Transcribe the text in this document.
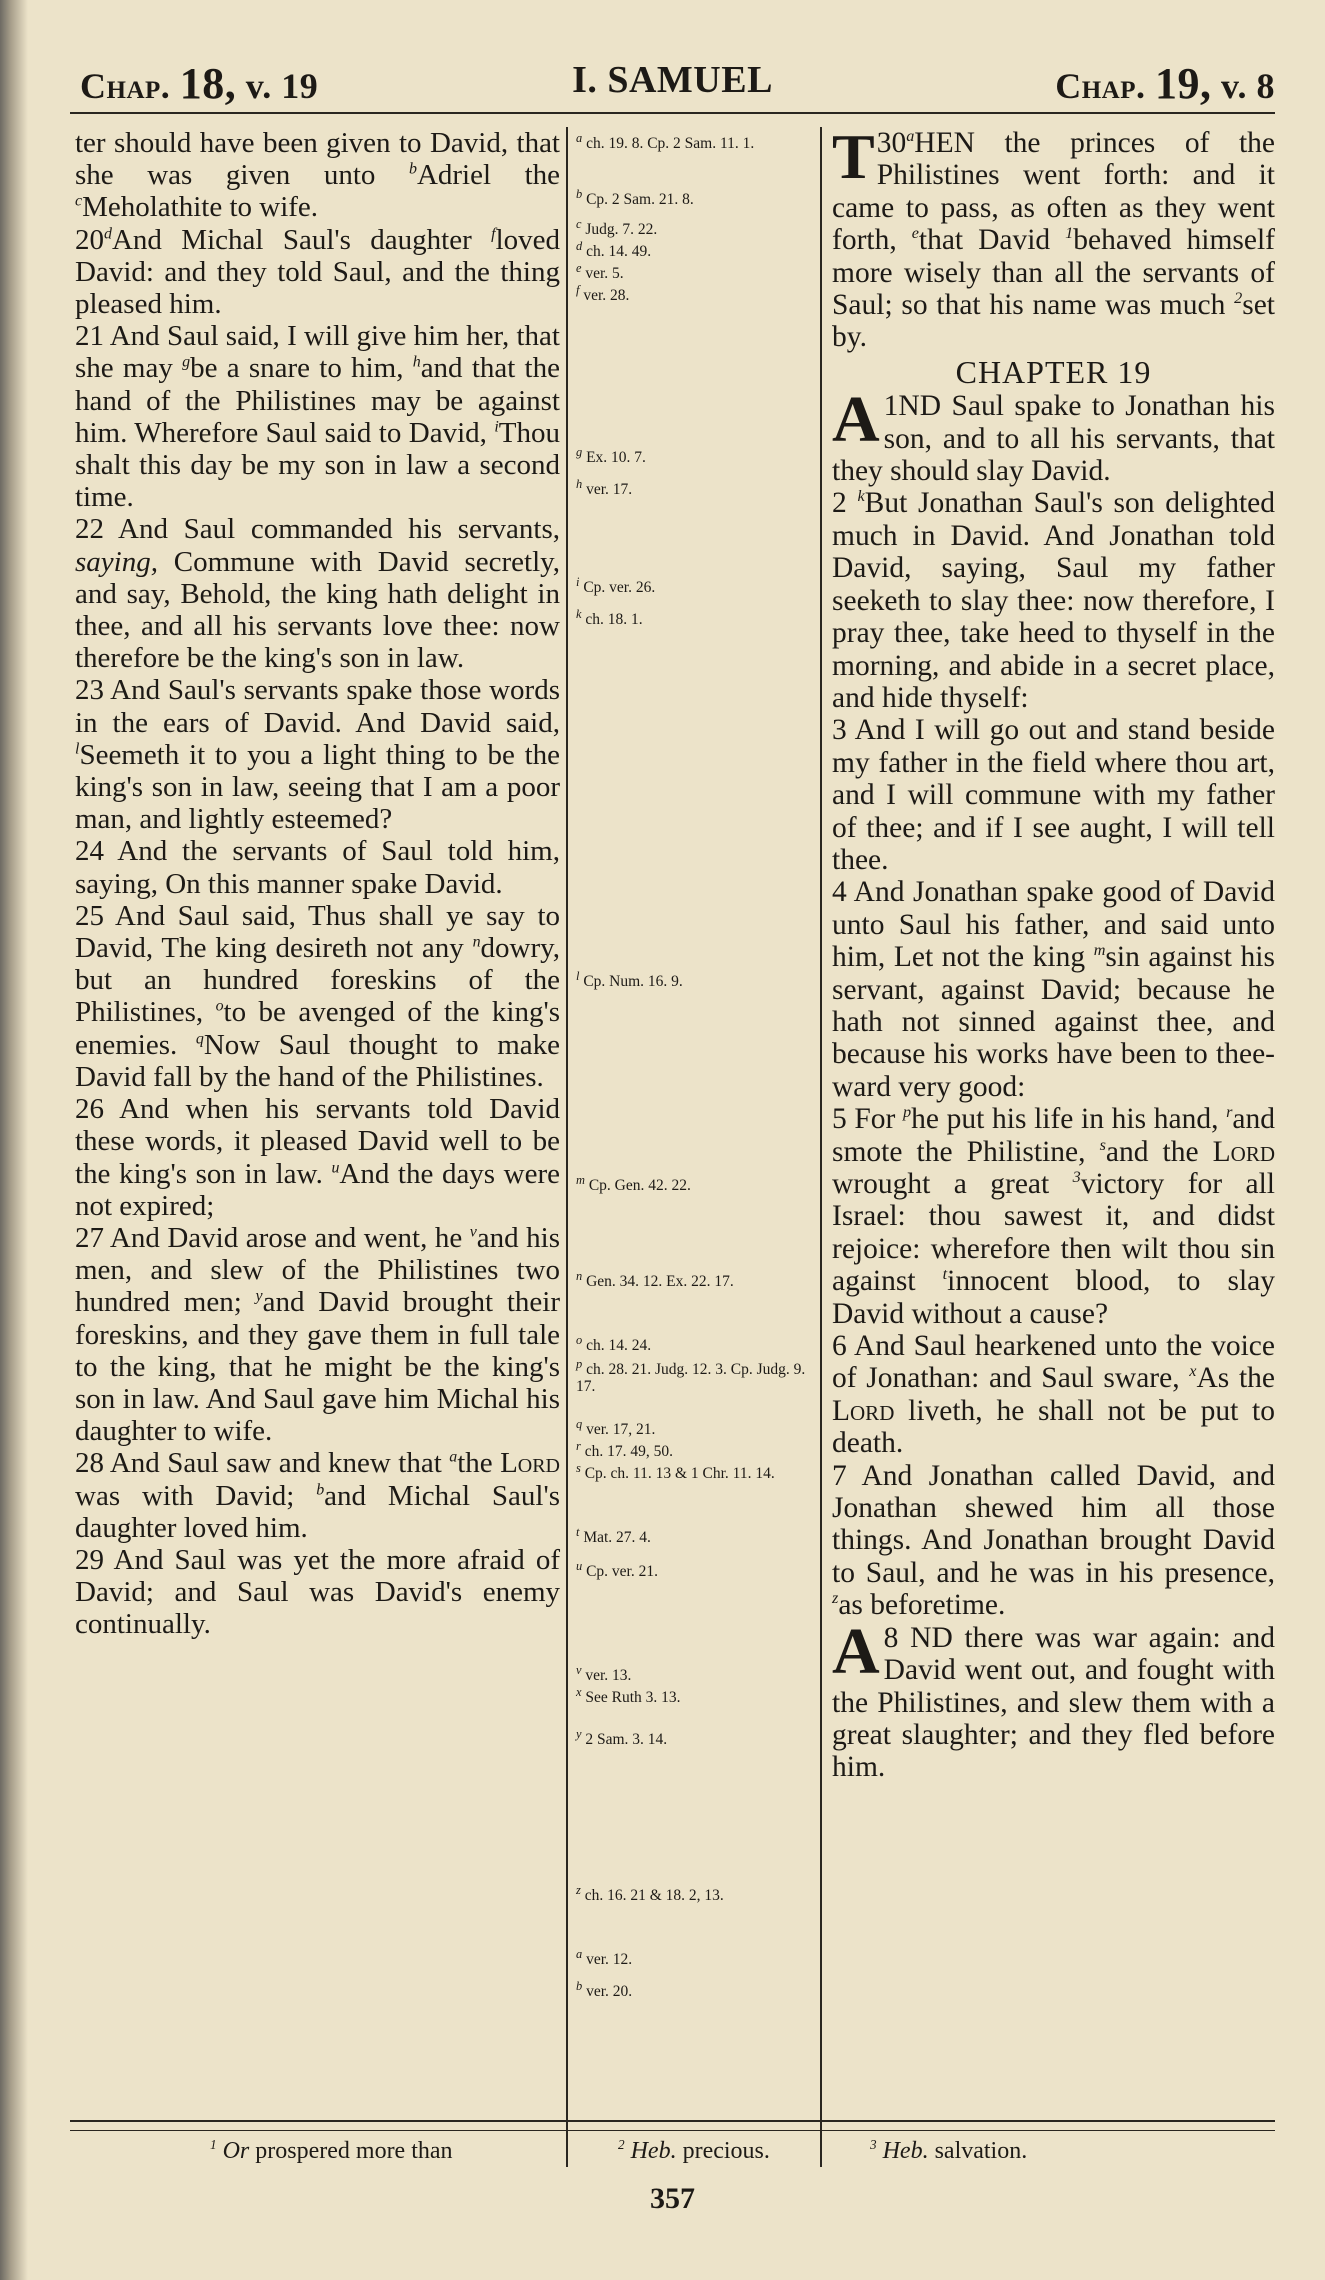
Chap. 18, v. 19	I. SAMUEL	Chap. 19, v. 8

ter should have been given to David, that she was given unto $^b$Adriel the $^c$Meholathite to wife.

20$^d$And Michal Saul's daughter $^f$loved David: and they told Saul, and the thing pleased him.

21 And Saul said, I will give him her, that she may $^g$be a snare to him, $^h$and that the hand of the Philistines may be against him. Wherefore Saul said to David, $^i$Thou shalt this day be my son in law a second time.

22 And Saul commanded his servants, saying, Commune with David secretly, and say, Behold, the king hath delight in thee, and all his servants love thee: now therefore be the king's son in law.

23 And Saul's servants spake those words in the ears of David. And David said, $^l$Seemeth it to you a light thing to be the king's son in law, seeing that I am a poor man, and lightly esteemed?

24 And the servants of Saul told him, saying, On this manner spake David.

25 And Saul said, Thus shall ye say to David, The king desireth not any $^n$dowry, but an hundred foreskins of the Philistines, $^o$to be avenged of the king's enemies. $^q$Now Saul thought to make David fall by the hand of the Philistines.

26 And when his servants told David these words, it pleased David well to be the king's son in law. $^u$And the days were not expired;

27 And David arose and went, he $^v$and his men, and slew of the Philistines two hundred men; $^y$and David brought their foreskins, and they gave them in full tale to the king, that he might be the king's son in law. And Saul gave him Michal his daughter to wife.

28 And Saul saw and knew that $^a$the Lord was with David; $^b$and Michal Saul's daughter loved him.

29 And Saul was yet the more afraid of David; and Saul was David's enemy continually.

$^a$ ch. 19. 8. Cp. 2 Sam. 11. 1.
$^b$ Cp. 2 Sam. 21. 8.
$^c$ Judg. 7. 22.
$^d$ ch. 14. 49.
$^e$ ver. 5.
$^f$ ver. 28.
$^g$ Ex. 10. 7.
$^h$ ver. 17.
$^i$ Cp. ver. 26.
$^k$ ch. 18. 1.
$^l$ Cp. Num. 16. 9.
$^m$ Cp. Gen. 42. 22.
$^n$ Gen. 34. 12. Ex. 22. 17.
$^o$ ch. 14. 24.
$^p$ ch. 28. 21. Judg. 12. 3. Cp. Judg. 9. 17.
$^q$ ver. 17, 21.
$^r$ ch. 17. 49, 50.
$^s$ Cp. ch. 11. 13 & 1 Chr. 11. 14.
$^t$ Mat. 27. 4.
$^u$ Cp. ver. 21.
$^v$ ver. 13.
$^x$ See Ruth 3. 13.
$^y$ 2 Sam. 3. 14.
$^z$ ch. 16. 21 & 18. 2, 13.
$^a$ ver. 12.
$^b$ ver. 20.

30$^a$
T HEN the princes of the Philistines went forth: and it came to pass, as often as they went forth, $^e$that David $^1$behaved himself more wisely than all the servants of Saul; so that his name was much $^2$set by.

CHAPTER 19

1
A ND Saul spake to Jonathan his son, and to all his servants, that they should slay David.

2 $^k$But Jonathan Saul's son delighted much in David. And Jonathan told David, saying, Saul my father seeketh to slay thee: now therefore, I pray thee, take heed to thyself in the morning, and abide in a secret place, and hide thyself:

3 And I will go out and stand beside my father in the field where thou art, and I will commune with my father of thee; and if I see aught, I will tell thee.

4 And Jonathan spake good of David unto Saul his father, and said unto him, Let not the king $^m$sin against his servant, against David; because he hath not sinned against thee, and because his works have been to thee-ward very good:

5 For $^p$he put his life in his hand, $^r$and smote the Philistine, $^s$and the Lord wrought a great $^3$victory for all Israel: thou sawest it, and didst rejoice: wherefore then wilt thou sin against $^t$innocent blood, to slay David without a cause?

6 And Saul hearkened unto the voice of Jonathan: and Saul sware, $^x$As the Lord liveth, he shall not be put to death.

7 And Jonathan called David, and Jonathan shewed him all those things. And Jonathan brought David to Saul, and he was in his presence, $^z$as beforetime.

8
A ND there was war again: and David went out, and fought with the Philistines, and slew them with a great slaughter; and they fled before him.

$^1$ Or prospered more than	$^2$ Heb. precious.	$^3$ Heb. salvation.
357
